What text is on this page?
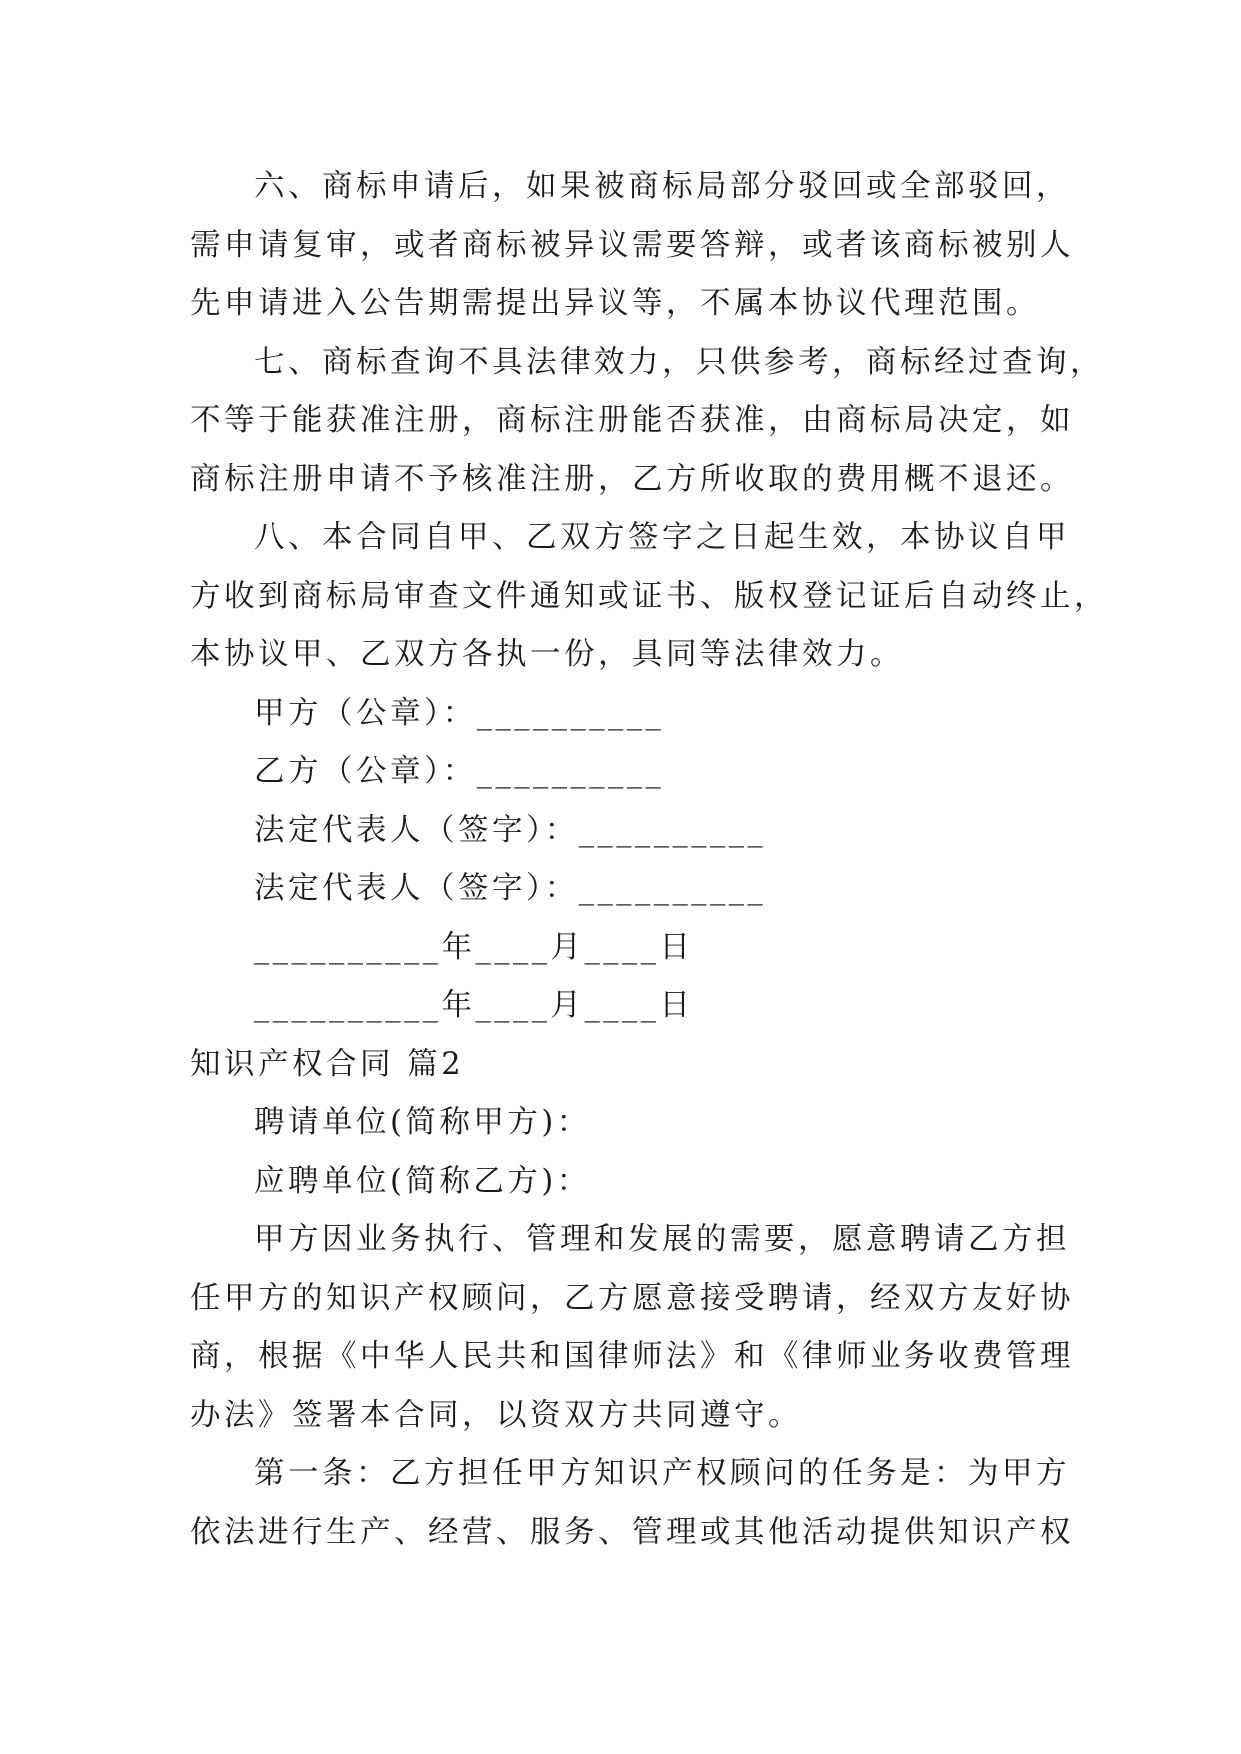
六、商标申请后，如果被商标局部分驳回或全部驳回，
需申请复审，或者商标被异议需要答辩，或者该商标被别人
先申请进入公告期需提出异议等，不属本协议代理范围。
七、商标查询不具法律效力，只供参考，商标经过查询，
不等于能获准注册，商标注册能否获准，由商标局决定，如
商标注册申请不予核准注册，乙方所收取的费用概不退还。
八、本合同自甲、乙双方签字之日起生效，本协议自甲
方收到商标局审查文件通知或证书、版权登记证后自动终止，
本协议甲、乙双方各执一份，具同等法律效力。
甲方（公章）：__________
乙方（公章）：__________
法定代表人（签字）：__________
法定代表人（签字）：__________
__________年____月____日
__________年____月____日
知识产权合同 篇2
聘请单位(简称甲方)：
应聘单位(简称乙方)：
甲方因业务执行、管理和发展的需要，愿意聘请乙方担
任甲方的知识产权顾问，乙方愿意接受聘请，经双方友好协
商，根据《中华人民共和国律师法》和《律师业务收费管理
办法》签署本合同，以资双方共同遵守。
第一条：乙方担任甲方知识产权顾问的任务是：为甲方
依法进行生产、经营、服务、管理或其他活动提供知识产权
